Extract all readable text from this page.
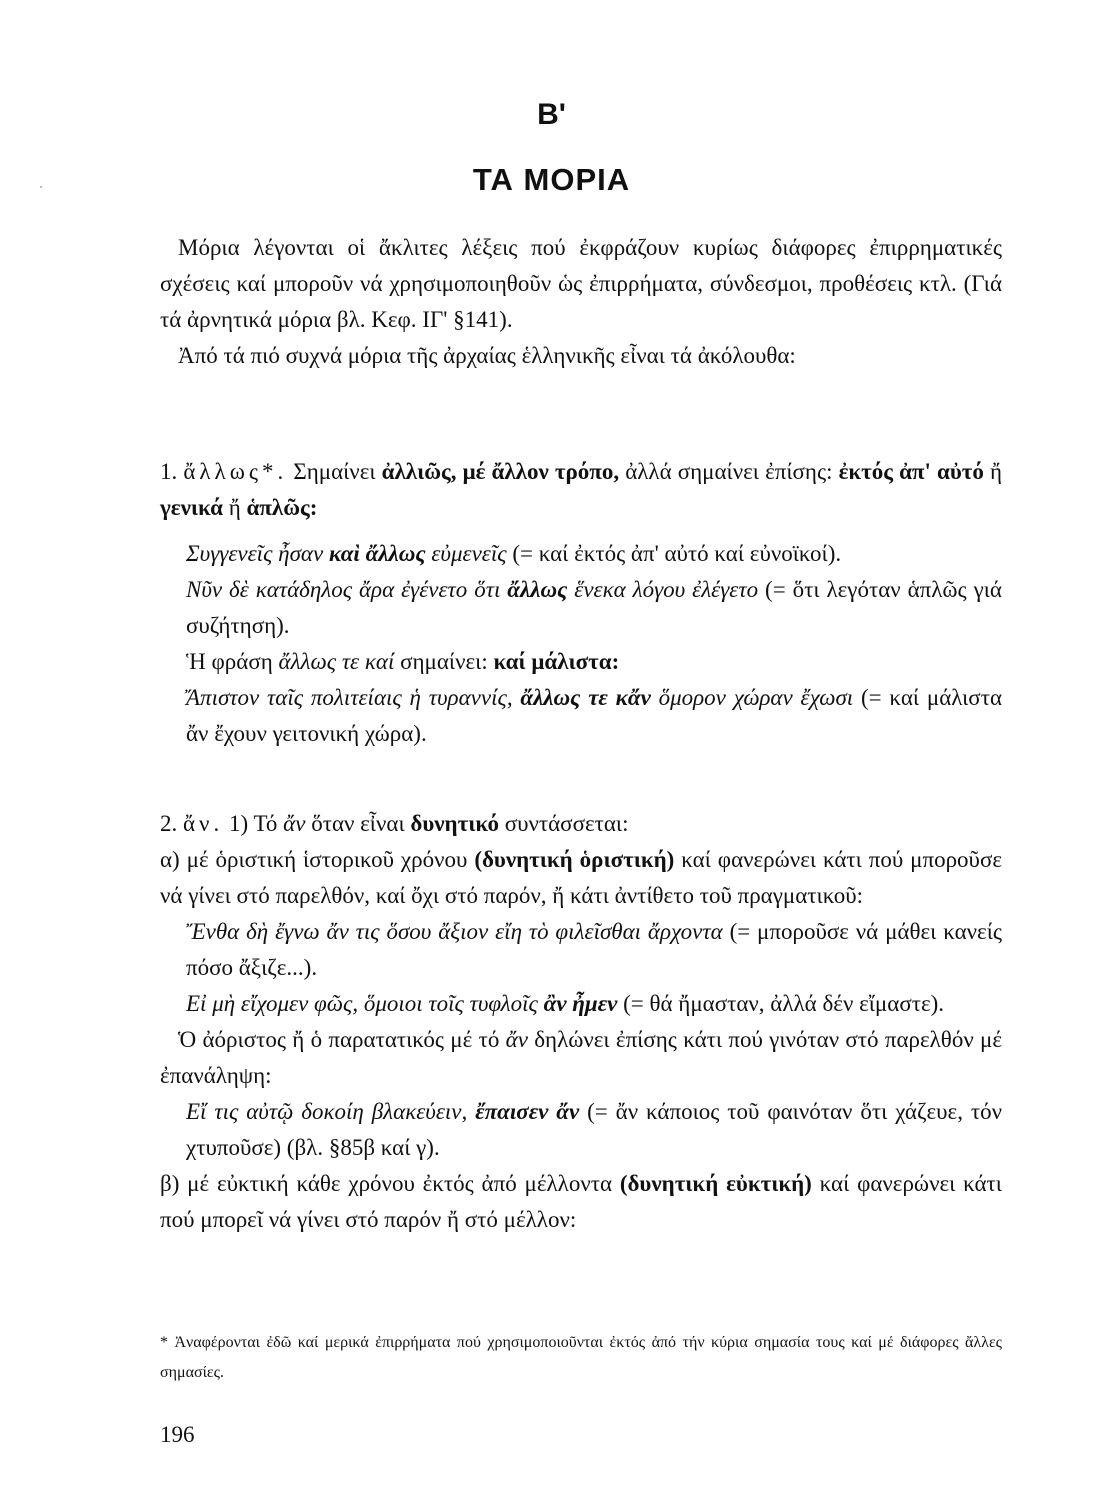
Β'
ΤΑ ΜΟΡΙΑ

Μόρια λέγονται οἱ ἄκλιτες λέξεις πού ἐκφράζουν κυρίως διάφορες ἐπιρρηματικές σχέσεις καί μποροῦν νά χρησιμοποιηθοῦν ὡς ἐπιρρήματα, σύνδεσμοι, προθέσεις κτλ. (Γιά τά ἀρνητικά μόρια βλ. Κεφ. ΙΓ' §141).

Ἀπό τά πιό συχνά μόρια τῆς ἀρχαίας ἑλληνικῆς εἶναι τά ἀκόλουθα:

1. ἄλλως*. Σημαίνει ἀλλιῶς, μέ ἄλλον τρόπο, ἀλλά σημαίνει ἐπίσης: ἐκτός ἀπ' αὐτό ἤ γενικά ἤ ἁπλῶς:

Συγγενεῖς ἦσαν καὶ ἄλλως εὐμενεῖς (= καί ἐκτός ἀπ' αὐτό καί εὐνοϊκοί).

Νῦν δὲ κατάδηλος ἄρα ἐγένετο ὅτι ἄλλως ἕνεκα λόγου ἐλέγετο (= ὅτι λεγόταν ἁπλῶς γιά συζήτηση).

Ἡ φράση ἄλλως τε καί σημαίνει: καί μάλιστα:

Ἄπιστον ταῖς πολιτείαις ἡ τυραννίς, ἄλλως τε κἄν ὅμορον χώραν ἔχωσι (= καί μάλιστα ἄν ἔχουν γειτονική χώρα).

2. ἄν. 1) Τό ἄν ὅταν εἶναι δυνητικό συντάσσεται:

α) μέ ὁριστική ἱστορικοῦ χρόνου (δυνητική ὁριστική) καί φανερώνει κάτι πού μποροῦσε νά γίνει στό παρελθόν, καί ὄχι στό παρόν, ἤ κάτι ἀντίθετο τοῦ πραγματικοῦ:

Ἔνθα δὴ ἔγνω ἄν τις ὅσου ἄξιον εἴη τὸ φιλεῖσθαι ἄρχοντα (= μποροῦσε νά μάθει κανείς πόσο ἄξιζε...).

Εἰ μὴ εἴχομεν φῶς, ὅμοιοι τοῖς τυφλοῖς ἂν ἦμεν (= θά ἤμασταν, ἀλλά δέν εἴμαστε).

Ὁ ἀόριστος ἤ ὁ παρατατικός μέ τό ἄν δηλώνει ἐπίσης κάτι πού γινόταν στό παρελθόν μέ ἐπανάληψη:

Εἴ τις αὐτῷ δοκοίη βλακεύειν, ἔπαισεν ἄν (= ἄν κάποιος τοῦ φαινόταν ὅτι χάζευε, τόν χτυποῦσε) (βλ. §85β καί γ).

β) μέ εὐκτική κάθε χρόνου ἐκτός ἀπό μέλλοντα (δυνητική εὐκτική) καί φανερώνει κάτι πού μπορεῖ νά γίνει στό παρόν ἤ στό μέλλον:

* Ἀναφέρονται ἐδῶ καί μερικά ἐπιρρήματα πού χρησιμοποιοῦνται ἐκτός ἀπό τήν κύρια σημασία τους καί μέ διάφορες ἄλλες σημασίες.
196
